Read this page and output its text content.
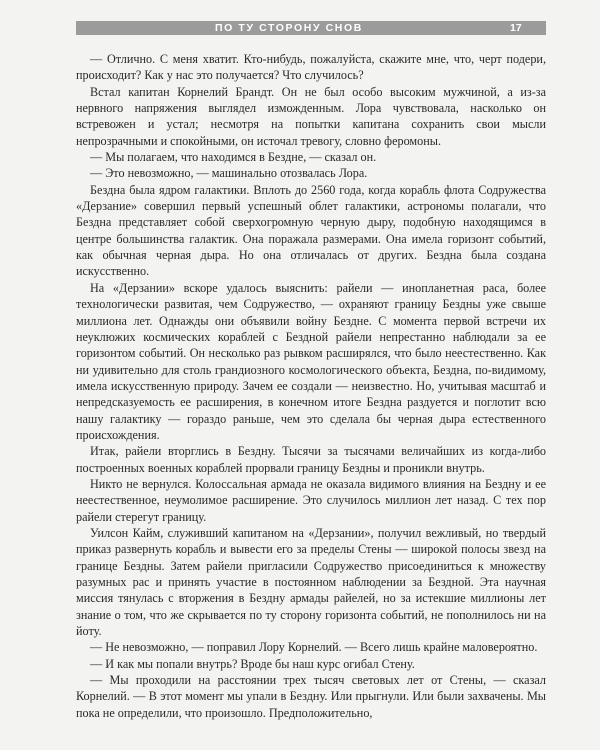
ПО ТУ СТОРОНУ СНОВ	17

— Отлично. С меня хватит. Кто-нибудь, пожалуйста, скажите мне, что, черт подери, происходит? Как у нас это получается? Что случилось?

Встал капитан Корнелий Брандт. Он не был особо высоким мужчиной, а из-за нервного напряжения выглядел изможденным. Лора чувствовала, насколько он встревожен и устал; несмотря на попытки капитана сохранить свои мысли непрозрачными и спокойными, он источал тревогу, словно феромоны.

— Мы полагаем, что находимся в Бездне, — сказал он.

— Это невозможно, — машинально отозвалась Лора.

Бездна была ядром галактики. Вплоть до 2560 года, когда корабль флота Содружества «Дерзание» совершил первый успешный облет галактики, астрономы полагали, что Бездна представляет собой сверхогромную черную дыру, подобную находящимся в центре большинства галактик. Она поражала размерами. Она имела горизонт событий, как обычная черная дыра. Но она отличалась от других. Бездна была создана искусственно.

На «Дерзании» вскоре удалось выяснить: райели — инопланетная раса, более технологически развитая, чем Содружество, — охраняют границу Бездны уже свыше миллиона лет. Однажды они объявили войну Бездне. С момента первой встречи их неуклюжих космических кораблей с Бездной райели непрестанно наблюдали за ее горизонтом событий. Он несколько раз рывком расширялся, что было неестественно. Как ни удивительно для столь грандиозного космологического объекта, Бездна, по-видимому, имела искусственную природу. Зачем ее создали — неизвестно. Но, учитывая масштаб и непредсказуемость ее расширения, в конечном итоге Бездна раздуется и поглотит всю нашу галактику — гораздо раньше, чем это сделала бы черная дыра естественного происхождения.

Итак, райели вторглись в Бездну. Тысячи за тысячами величайших из когда-либо построенных военных кораблей прорвали границу Бездны и проникли внутрь.

Никто не вернулся. Колоссальная армада не оказала видимого влияния на Бездну и ее неестественное, неумолимое расширение. Это случилось миллион лет назад. С тех пор райели стерегут границу.

Уилсон Кайм, служивший капитаном на «Дерзании», получил вежливый, но твердый приказ развернуть корабль и вывести его за пределы Стены — широкой полосы звезд на границе Бездны. Затем райели пригласили Содружество присоединиться к множеству разумных рас и принять участие в постоянном наблюдении за Бездной. Эта научная миссия тянулась с вторжения в Бездну армады райелей, но за истекшие миллионы лет знание о том, что же скрывается по ту сторону горизонта событий, не пополнилось ни на йоту.

— Не невозможно, — поправил Лору Корнелий. — Всего лишь крайне маловероятно.

— И как мы попали внутрь? Вроде бы наш курс огибал Стену.

— Мы проходили на расстоянии трех тысяч световых лет от Стены, — сказал Корнелий. — В этот момент мы упали в Бездну. Или прыгнули. Или были захвачены. Мы пока не определили, что произошло. Предположительно,
